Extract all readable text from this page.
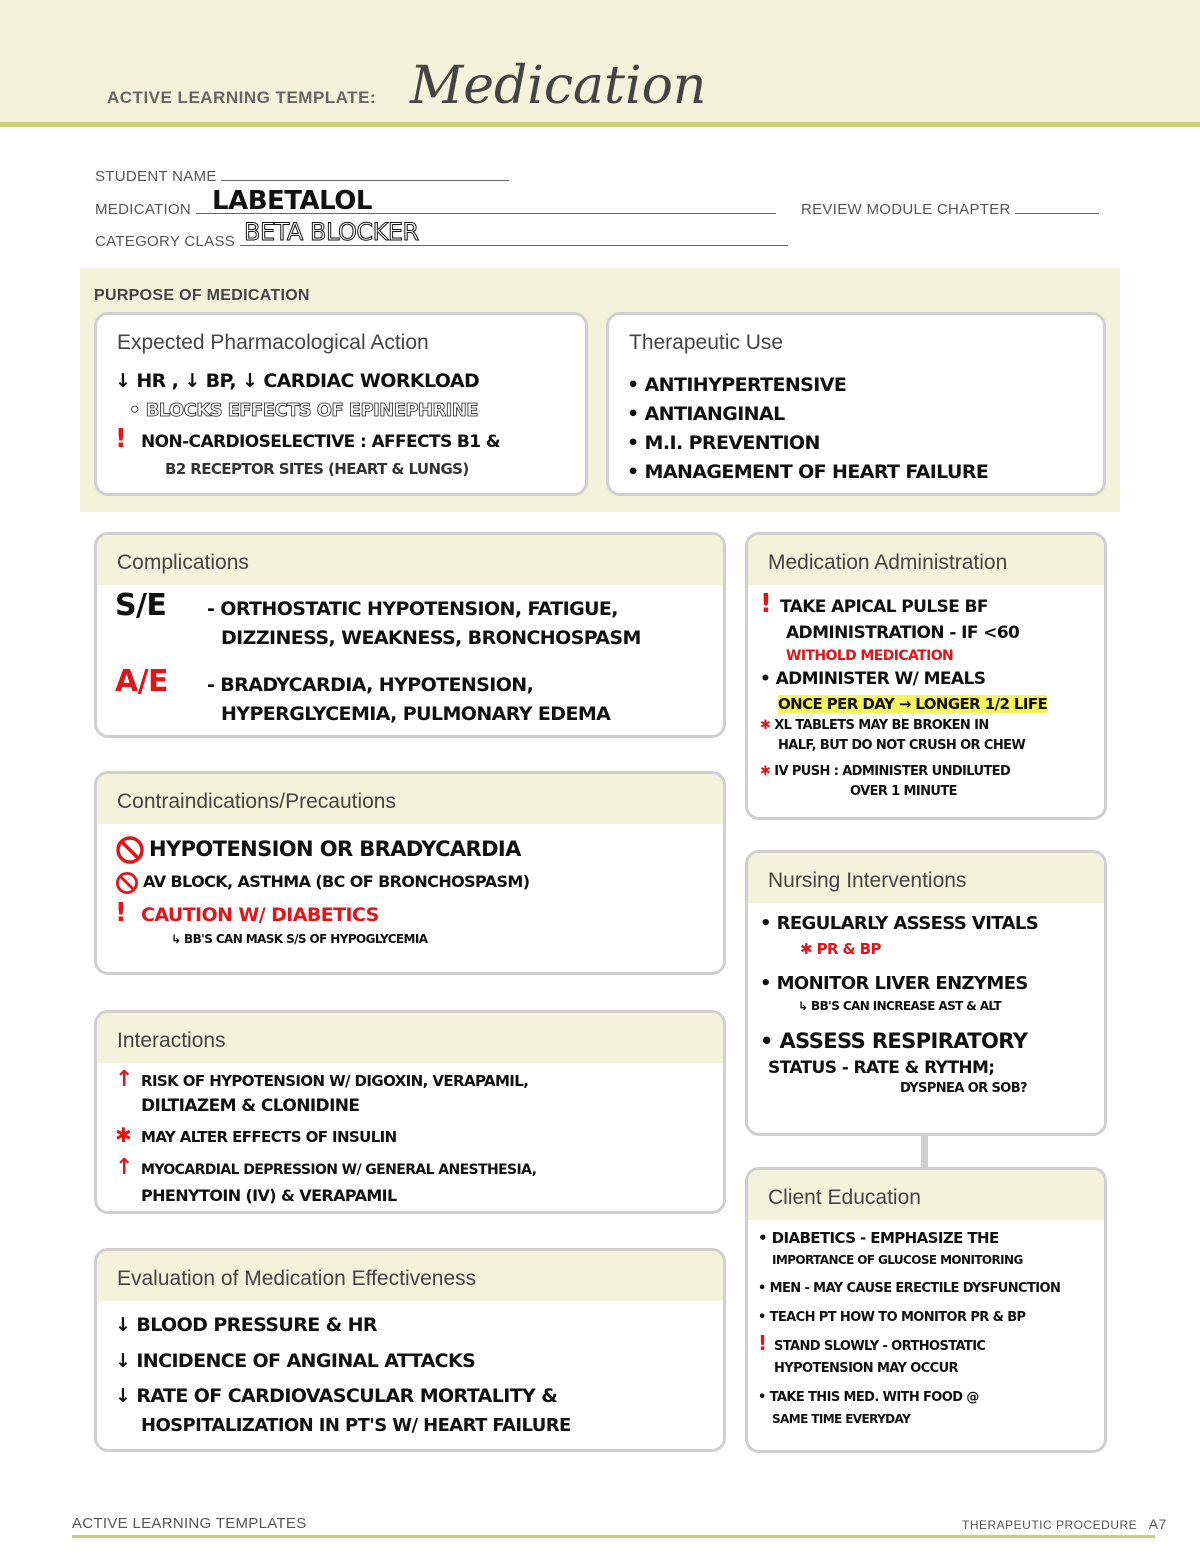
ACTIVE LEARNING TEMPLATE: Medication
STUDENT NAME
MEDICATION LABETALOL	REVIEW MODULE CHAPTER
CATEGORY CLASS BETA BLOCKER
PURPOSE OF MEDICATION
Expected Pharmacological Action
↓ HR , ↓ BP, ↓ CARDIAC WORKLOAD
• BLOCKS EFFECTS OF EPINEPHRINE
! NON-CARDIOSELECTIVE : AFFECTS B1 &
B2 RECEPTOR SITES (HEART & LUNGS)
Therapeutic Use
• ANTIHYPERTENSIVE
• ANTIANGINAL
• M.I. PREVENTION
• MANAGEMENT OF HEART FAILURE
Complications
S/E - ORTHOSTATIC HYPOTENSION, FATIGUE,
DIZZINESS, WEAKNESS, BRONCHOSPASM
A/E - BRADYCARDIA, HYPOTENSION,
HYPERGLYCEMIA, PULMONARY EDEMA
Medication Administration
! TAKE APICAL PULSE BF
ADMINISTRATION - IF <60
WITHOLD MEDICATION
• ADMINISTER W/ MEALS
ONCE PER DAY → LONGER 1/2 LIFE
✱ XL TABLETS MAY BE BROKEN IN
HALF, BUT DO NOT CRUSH OR CHEW
✱ IV PUSH : ADMINISTER UNDILUTED
OVER 1 MINUTE
Contraindications/Precautions
HYPOTENSION OR BRADYCARDIA
AV BLOCK, ASTHMA (BC OF BRONCHOSPASM)
! CAUTION W/ DIABETICS
↳ BB'S CAN MASK S/S OF HYPOGLYCEMIA
Nursing Interventions
• REGULARLY ASSESS VITALS
✱ PR & BP
• MONITOR LIVER ENZYMES
↳ BB'S CAN INCREASE AST & ALT
• ASSESS RESPIRATORY
STATUS - RATE & RYTHM;
DYSPNEA OR SOB?
Interactions
↑ RISK OF HYPOTENSION W/ DIGOXIN, VERAPAMIL,
DILTIAZEM & CLONIDINE
✱ MAY ALTER EFFECTS OF INSULIN
↑ MYOCARDIAL DEPRESSION W/ GENERAL ANESTHESIA,
PHENYTOIN (IV) & VERAPAMIL	Client Education
• DIABETICS - EMPHASIZE THE
IMPORTANCE OF GLUCOSE MONITORING
• MEN - MAY CAUSE ERECTILE DYSFUNCTION
• TEACH PT HOW TO MONITOR PR & BP
! STAND SLOWLY - ORTHOSTATIC
HYPOTENSION MAY OCCUR
• TAKE THIS MED. WITH FOOD @
SAME TIME EVERYDAY
Evaluation of Medication Effectiveness
↓ BLOOD PRESSURE & HR
↓ INCIDENCE OF ANGINAL ATTACKS
↓ RATE OF CARDIOVASCULAR MORTALITY &
HOSPITALIZATION IN PT'S W/ HEART FAILURE
ACTIVE LEARNING TEMPLATES	THERAPEUTIC PROCEDURE A7
